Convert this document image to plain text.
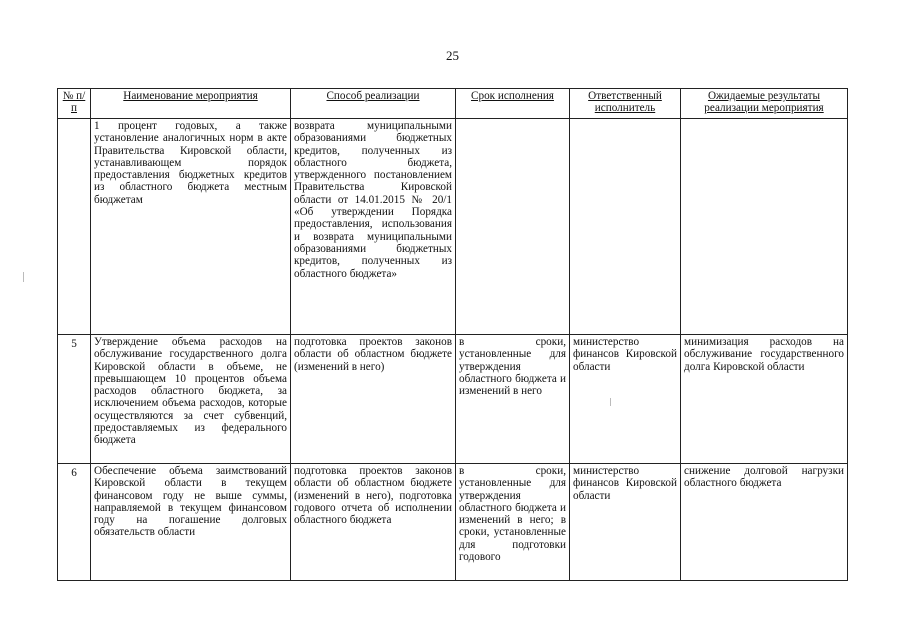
25
№ п/п	Наименование мероприятия	Способ реализации	Срок исполнения	Ответственный исполнитель	Ожидаемые результаты реализации мероприятия
	1 процент годовых, а также установление аналогичных норм в акте Правительства Кировской области, устанавливающем порядок предоставления бюджетных кредитов из областного бюджета местным бюджетам	возврата муниципальными образованиями бюджетных кредитов, полученных из областного бюджета, утвержденного постановлением Правительства Кировской области от 14.01.2015 № 20/1 «Об утверждении Порядка предоставления, использования и возврата муниципальными образованиями бюджетных кредитов, полученных из областного бюджета»			
5	Утверждение объема расходов на обслуживание государственного долга Кировской области в объеме, не превышающем 10 процентов объема расходов областного бюджета, за исключением объема расходов, которые осуществляются за счет субвенций, предоставляемых из федерального бюджета	подготовка проектов законов области об областном бюджете (изменений в него)	в сроки, установленные для утверждения областного бюджета и изменений в него	министерство финансов Кировской области	минимизация расходов на обслуживание государственного долга Кировской области
6	Обеспечение объема заимствований Кировской области в текущем финансовом году не выше суммы, направляемой в текущем финансовом году на погашение долговых обязательств области	подготовка проектов законов области об областном бюджете (изменений в него), подготовка годового отчета об исполнении областного бюджета	в сроки, установленные для утверждения областного бюджета и изменений в него; в сроки, установленные для подготовки годового	министерство финансов Кировской области	снижение долговой нагрузки областного бюджета
